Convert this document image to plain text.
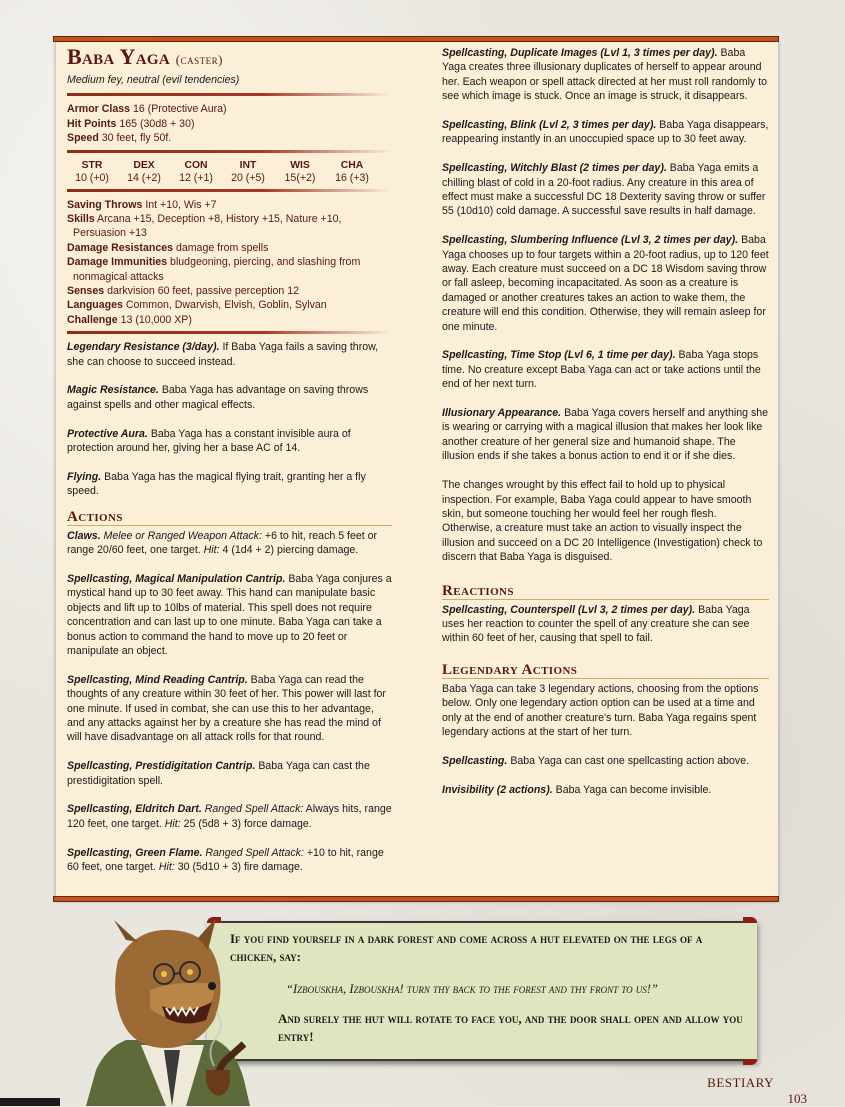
Baba Yaga (caster)

Medium fey, neutral (evil tendencies)

Armor Class 16 (Protective Aura)

Hit Points 165 (30d8 + 30)

Speed 30 feet, fly 50f.

STR
10 (+0)
DEX
14 (+2)
CON
12 (+1)
INT
20 (+5)
WIS
15(+2)
CHA
16 (+3)

Saving Throws Int +10, Wis +7

Skills Arcana +15, Deception +8, History +15, Nature +10, Persuasion +13

Damage Resistances damage from spells

Damage Immunities bludgeoning, piercing, and slashing from nonmagical attacks

Senses darkvision 60 feet, passive perception 12

Languages Common, Dwarvish, Elvish, Goblin, Sylvan

Challenge 13 (10,000 XP)

Legendary Resistance (3/day). If Baba Yaga fails a saving throw, she can choose to succeed instead.

Magic Resistance. Baba Yaga has advantage on saving throws against spells and other magical effects.

Protective Aura. Baba Yaga has a constant invisible aura of protection around her, giving her a base AC of 14.

Flying. Baba Yaga has the magical flying trait, granting her a fly speed.

Actions

Claws. Melee or Ranged Weapon Attack: +6 to hit, reach 5 feet or range 20/60 feet, one target. Hit: 4 (1d4 + 2) piercing damage.

Spellcasting, Magical Manipulation Cantrip. Baba Yaga conjures a mystical hand up to 30 feet away. This hand can manipulate basic objects and lift up to 10lbs of material. This spell does not require concentration and can last up to one minute. Baba Yaga can take a bonus action to command the hand to move up to 20 feet or manipulate an object.

Spellcasting, Mind Reading Cantrip. Baba Yaga can read the thoughts of any creature within 30 feet of her. This power will last for one minute. If used in combat, she can use this to her advantage, and any attacks against her by a creature she has read the mind of will have disadvantage on all attack rolls for that round.

Spellcasting, Prestidigitation Cantrip. Baba Yaga can cast the prestidigitation spell.

Spellcasting, Eldritch Dart. Ranged Spell Attack: Always hits, range 120 feet, one target. Hit: 25 (5d8 + 3) force damage.

Spellcasting, Green Flame. Ranged Spell Attack: +10 to hit, range 60 feet, one target. Hit: 30 (5d10 + 3) fire damage.

Spellcasting, Duplicate Images (Lvl 1, 3 times per day). Baba Yaga creates three illusionary duplicates of herself to appear around her. Each weapon or spell attack directed at her must roll randomly to see which image is stuck. Once an image is struck, it disappears.

Spellcasting, Blink (Lvl 2, 3 times per day). Baba Yaga disappears, reappearing instantly in an unoccupied space up to 30 feet away.

Spellcasting, Witchly Blast (2 times per day). Baba Yaga emits a chilling blast of cold in a 20-foot radius. Any creature in this area of effect must make a successful DC 18 Dexterity saving throw or suffer 55 (10d10) cold damage. A successful save results in half damage.

Spellcasting, Slumbering Influence (Lvl 3, 2 times per day). Baba Yaga chooses up to four targets within a 20-foot radius, up to 120 feet away. Each creature must succeed on a DC 18 Wisdom saving throw or fall asleep, becoming incapacitated. As soon as a creature is damaged or another creatures takes an action to wake them, the creature will end this condition. Otherwise, they will remain asleep for one minute.

Spellcasting, Time Stop (Lvl 6, 1 time per day). Baba Yaga stops time. No creature except Baba Yaga can act or take actions until the end of her next turn.

Illusionary Appearance. Baba Yaga covers herself and anything she is wearing or carrying with a magical illusion that makes her look like another creature of her general size and humanoid shape. The illusion ends if she takes a bonus action to end it or if she dies.

The changes wrought by this effect fail to hold up to physical inspection. For example, Baba Yaga could appear to have smooth skin, but someone touching her would feel her rough flesh. Otherwise, a creature must take an action to visually inspect the illusion and succeed on a DC 20 Intelligence (Investigation) check to discern that Baba Yaga is disguised.

Reactions

Spellcasting, Counterspell (Lvl 3, 2 times per day). Baba Yaga uses her reaction to counter the spell of any creature she can see within 60 feet of her, causing that spell to fail.

Legendary Actions

Baba Yaga can take 3 legendary actions, choosing from the options below. Only one legendary action option can be used at a time and only at the end of another creature's turn. Baba Yaga regains spent legendary actions at the start of her turn.

Spellcasting. Baba Yaga can cast one spellcasting action above.

Invisibility (2 actions). Baba Yaga can become invisible.

If you find yourself in a dark forest and come across a hut elevated on the legs of a chicken, say:

“Izbouskha, Izbouskha! turn thy back to the forest and thy front to us!”

And surely the hut will rotate to face you, and the door shall open and allow you entry!

BESTIARY
103
